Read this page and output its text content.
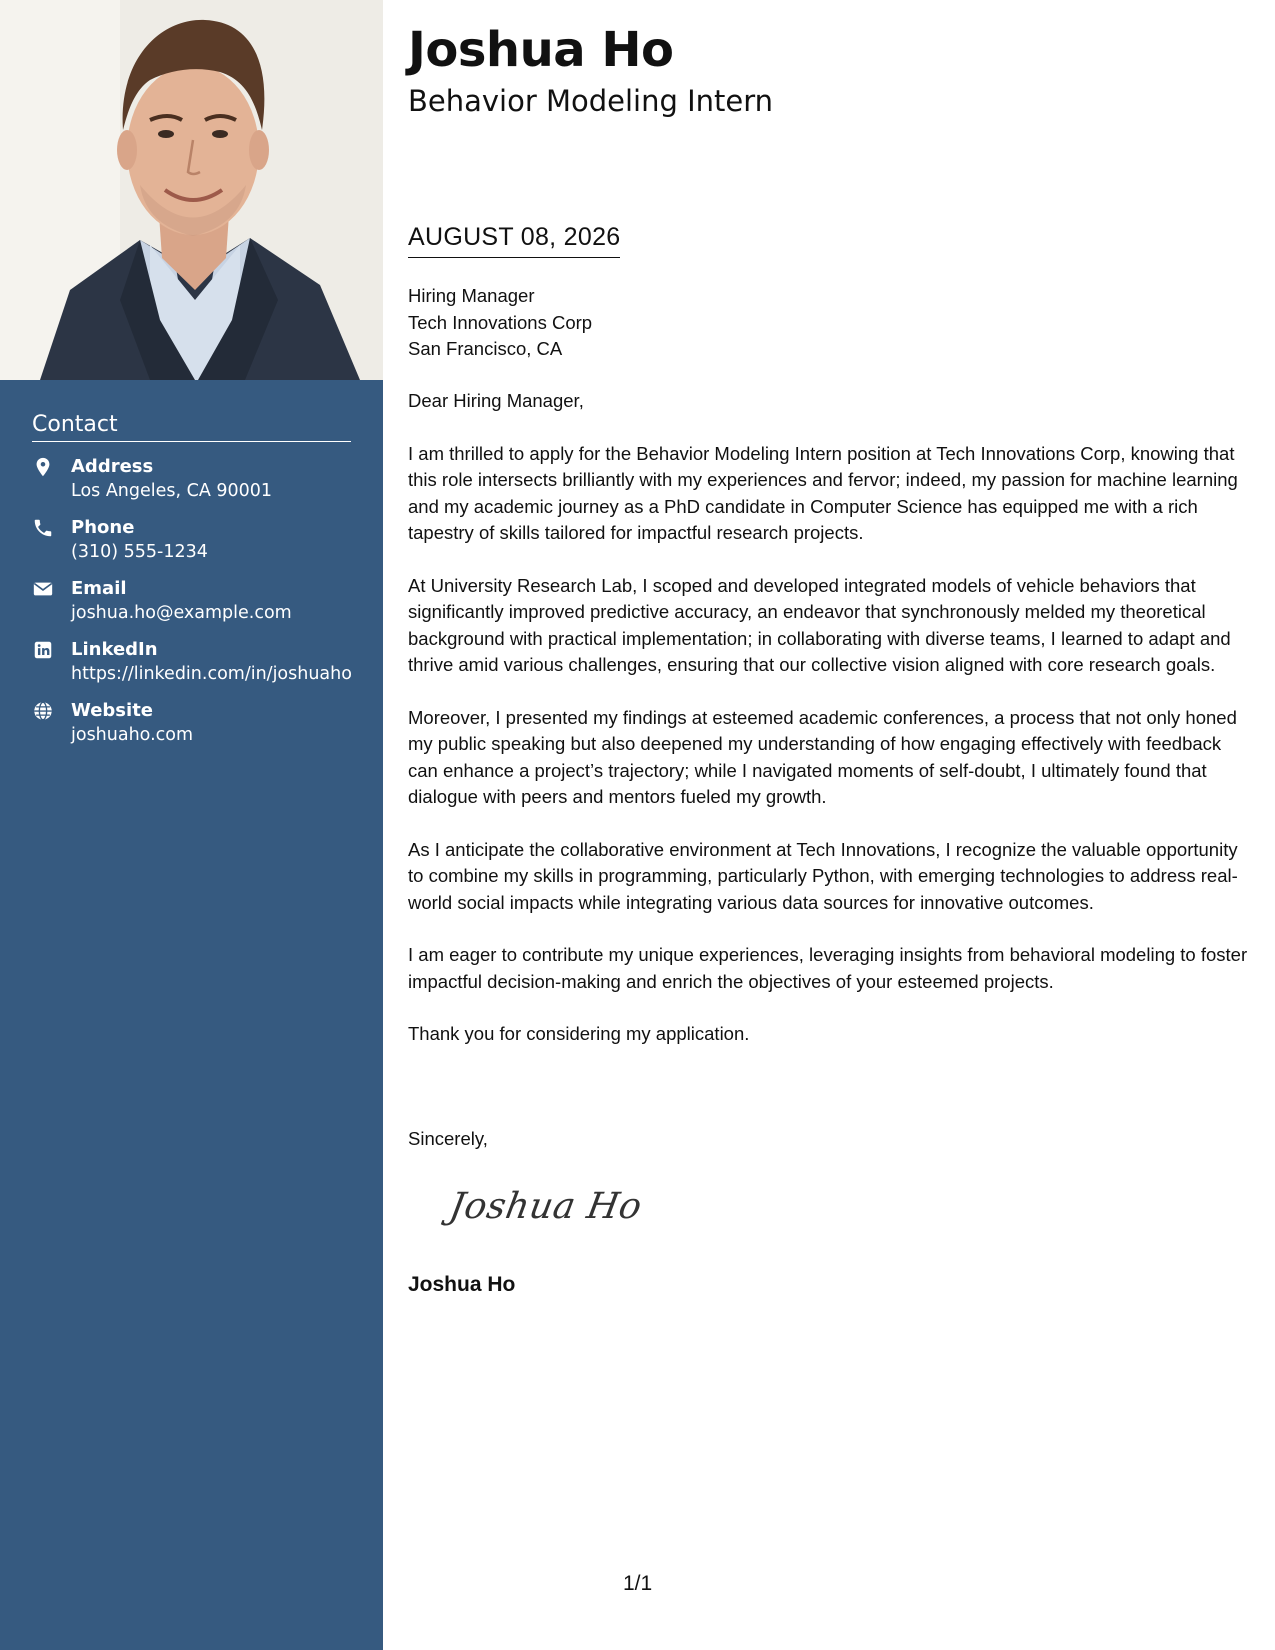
Contact
Address
Los Angeles, CA 90001
Phone
(310) 555-1234
Email
joshua.ho@example.com
LinkedIn
https://linkedin.com/in/joshuaho
Website
joshuaho.com
Joshua Ho
Behavior Modeling Intern
AUGUST 08, 2026
Hiring Manager
Tech Innovations Corp
San Francisco, CA

Dear Hiring Manager,

I am thrilled to apply for the Behavior Modeling Intern position at Tech Innovations Corp, knowing that this role intersects brilliantly with my experiences and fervor; indeed, my passion for machine learning and my academic journey as a PhD candidate in Computer Science has equipped me with a rich tapestry of skills tailored for impactful research projects.

At University Research Lab, I scoped and developed integrated models of vehicle behaviors that significantly improved predictive accuracy, an endeavor that synchronously melded my theoretical background with practical implementation; in collaborating with diverse teams, I learned to adapt and thrive amid various challenges, ensuring that our collective vision aligned with core research goals.

Moreover, I presented my findings at esteemed academic conferences, a process that not only honed my public speaking but also deepened my understanding of how engaging effectively with feedback can enhance a project’s trajectory; while I navigated moments of self-doubt, I ultimately found that dialogue with peers and mentors fueled my growth.

As I anticipate the collaborative environment at Tech Innovations, I recognize the valuable opportunity to combine my skills in programming, particularly Python, with emerging technologies to address real-world social impacts while integrating various data sources for innovative outcomes.

I am eager to contribute my unique experiences, leveraging insights from behavioral modeling to foster impactful decision-making and enrich the objectives of your esteemed projects.

Thank you for considering my application.

Sincerely,
Joshua Ho
Joshua Ho
1/1
